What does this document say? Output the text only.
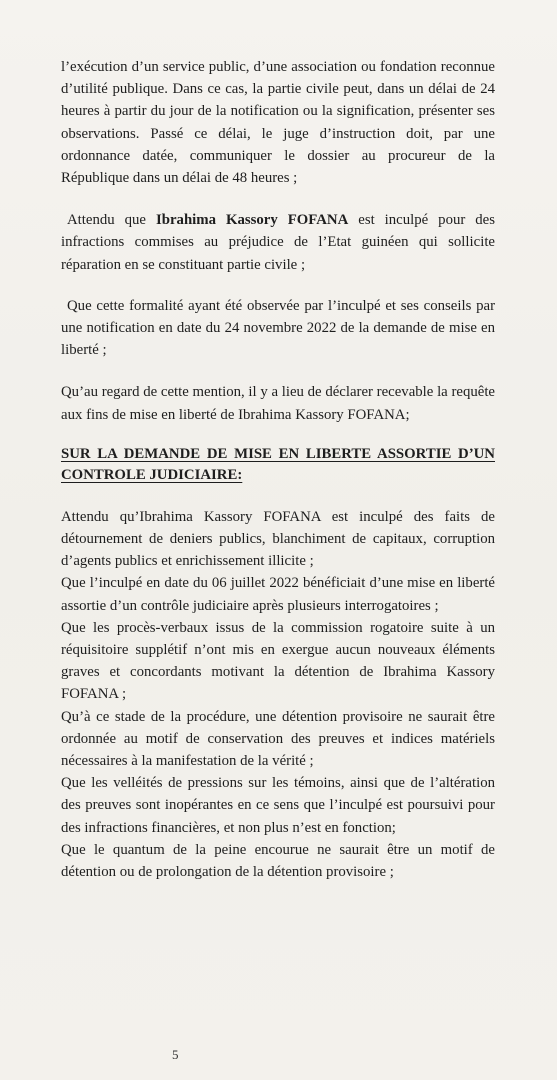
l’exécution d’un service public, d’une association ou fondation reconnue d’utilité publique. Dans ce cas, la partie civile peut, dans un délai de 24 heures à partir du jour de la notification ou la signification, présenter ses observations. Passé ce délai, le juge d’instruction doit, par une ordonnance datée, communiquer le dossier au procureur de la République dans un délai de 48 heures ;

Attendu que Ibrahima Kassory FOFANA est inculpé pour des infractions commises au préjudice de l’Etat guinéen qui sollicite réparation en se constituant partie civile ;

Que cette formalité ayant été observée par l’inculpé et ses conseils par une notification en date du 24 novembre 2022 de la demande de mise en liberté ;

Qu’au regard de cette mention, il y a lieu de déclarer recevable la requête aux fins de mise en liberté de Ibrahima Kassory FOFANA;

SUR LA DEMANDE DE MISE EN LIBERTE ASSORTIE D’UN CONTROLE JUDICIAIRE:

Attendu qu’Ibrahima Kassory FOFANA est inculpé des faits de détournement de deniers publics, blanchiment de capitaux, corruption d’agents publics et enrichissement illicite ;

Que l’inculpé en date du 06 juillet 2022 bénéficiait d’une mise en liberté assortie d’un contrôle judiciaire après plusieurs interrogatoires ;

Que les procès-verbaux issus de la commission rogatoire suite à un réquisitoire supplétif n’ont mis en exergue aucun nouveaux éléments graves et concordants motivant la détention de Ibrahima Kassory FOFANA ;

Qu’à ce stade de la procédure, une détention provisoire ne saurait être ordonnée au motif de conservation des preuves et indices matériels nécessaires à la manifestation de la vérité ;

Que les velléités de pressions sur les témoins, ainsi que de l’altération des preuves sont inopérantes en ce sens que l’inculpé est poursuivi pour des infractions financières, et non plus n’est en fonction;

Que le quantum de la peine encourue ne saurait être un motif de détention ou de prolongation de la détention provisoire ;

5
